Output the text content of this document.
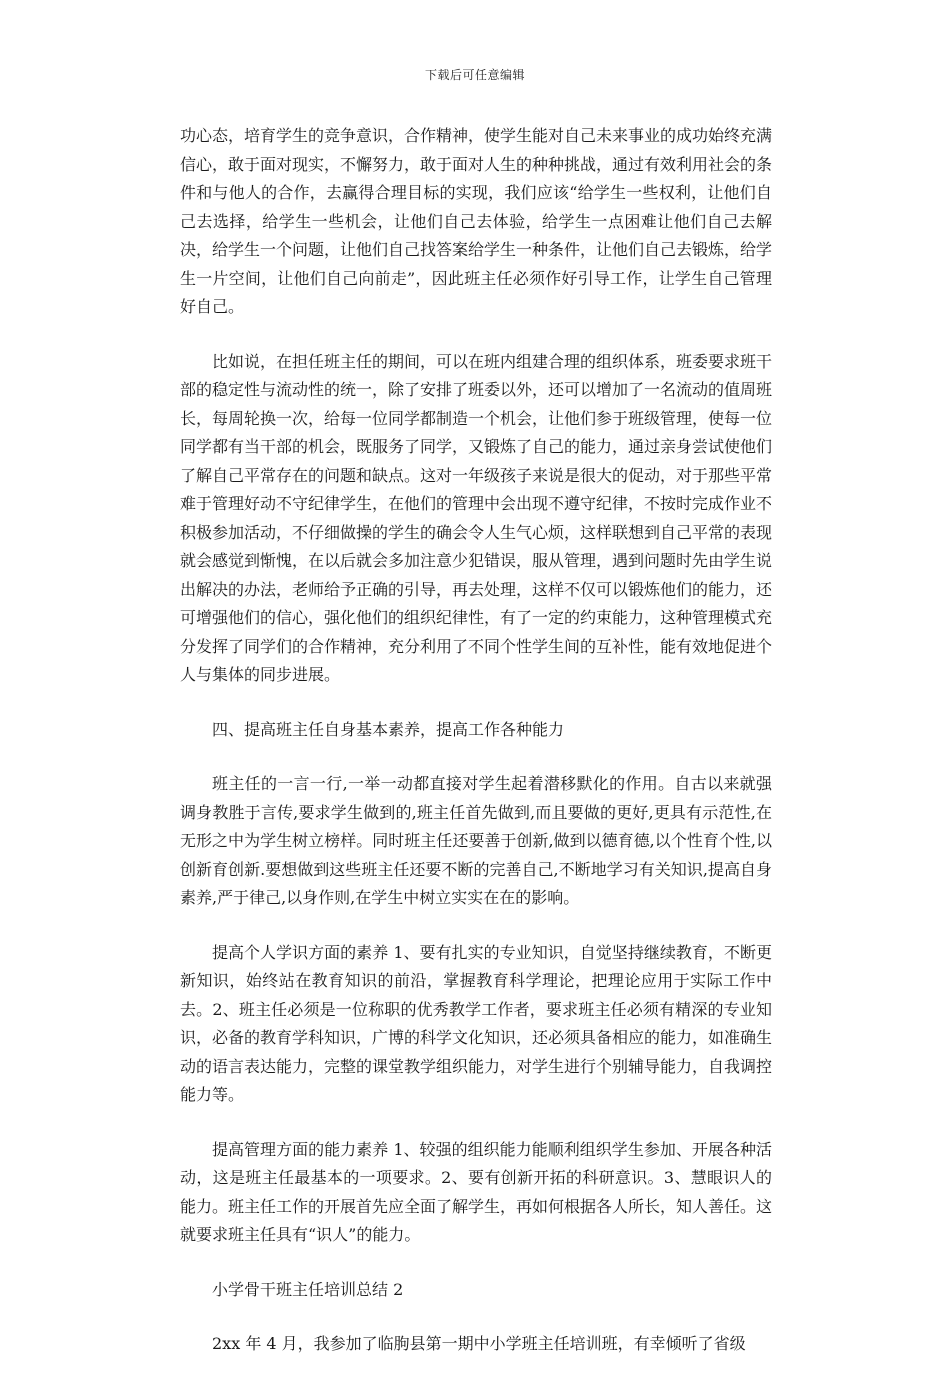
下载后可任意编辑

功心态，培育学生的竞争意识，合作精神，使学生能对自己未来事业的成功始终充满信心，敢于面对现实，不懈努力，敢于面对人生的种种挑战，通过有效利用社会的条件和与他人的合作，去赢得合理目标的实现，我们应该“给学生一些权利，让他们自己去选择，给学生一些机会，让他们自己去体验，给学生一点困难让他们自己去解决，给学生一个问题，让他们自己找答案给学生一种条件，让他们自己去锻炼，给学生一片空间，让他们自己向前走”，因此班主任必须作好引导工作，让学生自己管理好自己。

比如说，在担任班主任的期间，可以在班内组建合理的组织体系，班委要求班干部的稳定性与流动性的统一，除了安排了班委以外，还可以增加了一名流动的值周班长，每周轮换一次，给每一位同学都制造一个机会，让他们参于班级管理，使每一位同学都有当干部的机会，既服务了同学，又锻炼了自己的能力，通过亲身尝试使他们了解自己平常存在的问题和缺点。这对一年级孩子来说是很大的促动，对于那些平常难于管理好动不守纪律学生，在他们的管理中会出现不遵守纪律，不按时完成作业不积极参加活动，不仔细做操的学生的确会令人生气心烦，这样联想到自己平常的表现就会感觉到惭愧，在以后就会多加注意少犯错误，服从管理，遇到问题时先由学生说出解决的办法，老师给予正确的引导，再去处理，这样不仅可以锻炼他们的能力，还可增强他们的信心，强化他们的组织纪律性，有了一定的约束能力，这种管理模式充分发挥了同学们的合作精神，充分利用了不同个性学生间的互补性，能有效地促进个人与集体的同步进展。

四、提高班主任自身基本素养，提高工作各种能力

班主任的一言一行,一举一动都直接对学生起着潜移默化的作用。自古以来就强调身教胜于言传,要求学生做到的,班主任首先做到,而且要做的更好,更具有示范性,在无形之中为学生树立榜样。同时班主任还要善于创新,做到以德育德,以个性育个性,以创新育创新.要想做到这些班主任还要不断的完善自己,不断地学习有关知识,提高自身素养,严于律己,以身作则,在学生中树立实实在在的影响。

提高个人学识方面的素养 1、要有扎实的专业知识，自觉坚持继续教育，不断更新知识，始终站在教育知识的前沿，掌握教育科学理论，把理论应用于实际工作中去。2、班主任必须是一位称职的优秀教学工作者，要求班主任必须有精深的专业知识，必备的教育学科知识，广博的科学文化知识，还必须具备相应的能力，如准确生动的语言表达能力，完整的课堂教学组织能力，对学生进行个别辅导能力，自我调控能力等。

提高管理方面的能力素养 1、较强的组织能力能顺利组织学生参加、开展各种活动，这是班主任最基本的一项要求。2、要有创新开拓的科研意识。3、慧眼识人的能力。班主任工作的开展首先应全面了解学生，再如何根据各人所长，知人善任。这就要求班主任具有“识人”的能力。

小学骨干班主任培训总结 2

2xx 年 4 月，我参加了临朐县第一期中小学班主任培训班，有幸倾听了省级
